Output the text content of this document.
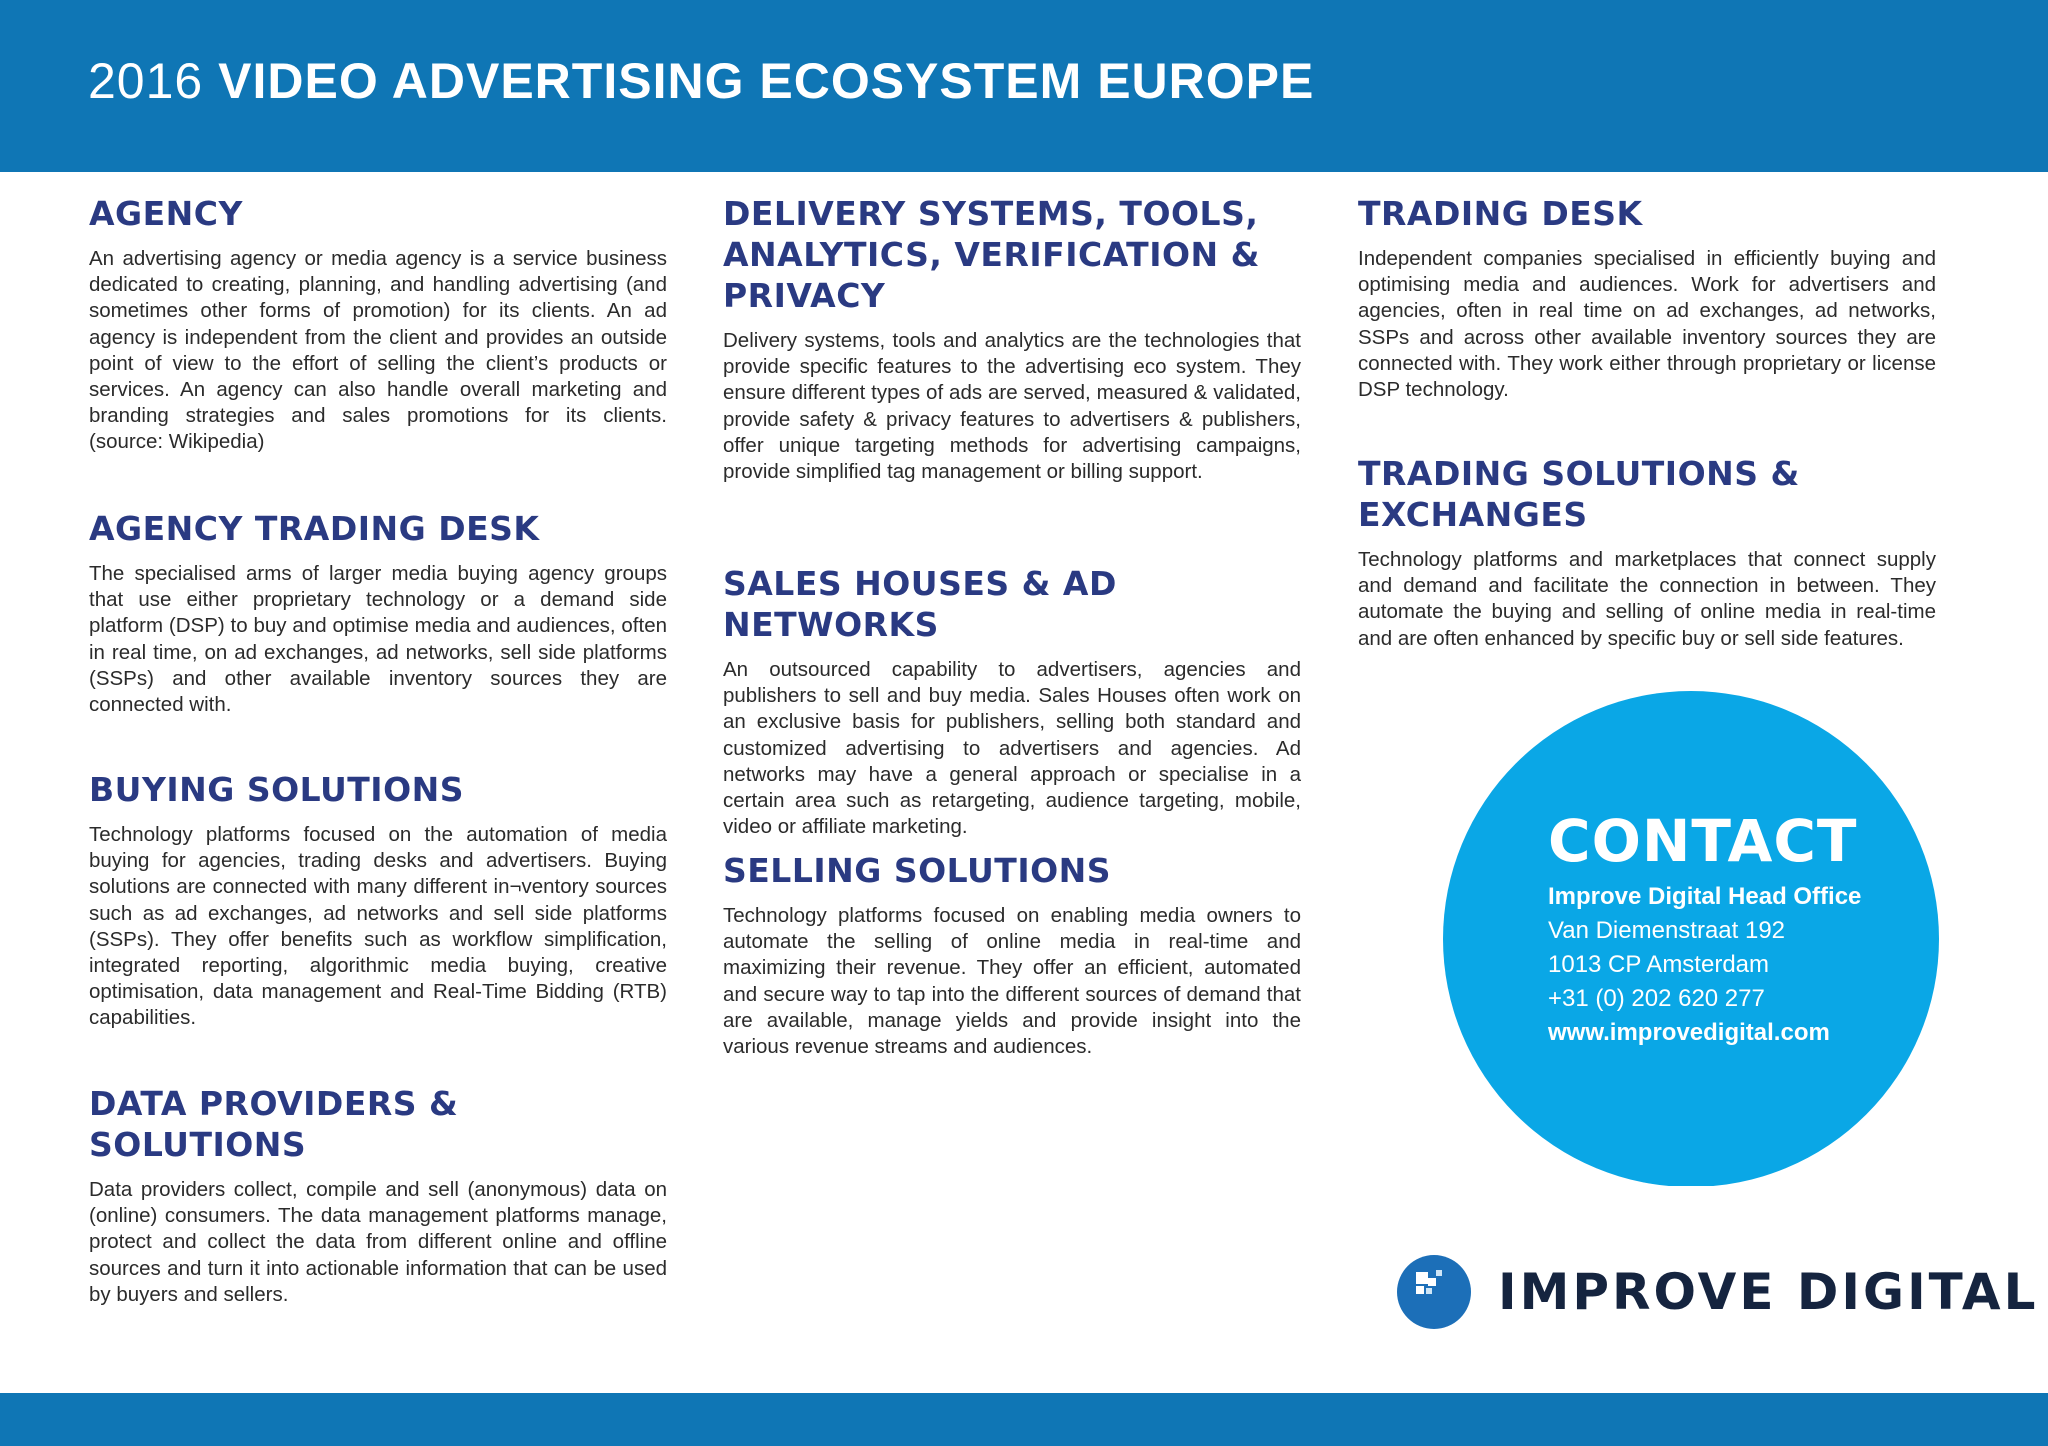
2016 VIDEO ADVERTISING ECOSYSTEM EUROPE
AGENCY

An advertising agency or media agency is a service business dedicated to creating, planning, and handling advertising (and sometimes other forms of promotion) for its clients. An ad agency is independent from the client and provides an outside point of view to the effort of selling the client’s products or services. An agency can also handle overall marketing and branding strategies and sales promotions for its clients. (source: Wikipedia)

AGENCY TRADING DESK

The specialised arms of larger media buying agency groups that use either proprietary technology or a demand side platform (DSP) to buy and optimise media and audiences, often in real time, on ad exchanges, ad networks, sell side platforms (SSPs) and other available inventory sources they are connected with.

BUYING SOLUTIONS

Technology platforms focused on the automation of media buying for agencies, trading desks and advertisers. Buying solutions are connected with many different in¬ventory sources such as ad exchanges, ad networks and sell side platforms (SSPs). They offer benefits such as workflow simplification, integrated reporting, algorithmic media buying, creative optimisation, data management and Real-Time Bidding (RTB) capabilities.

DATA PROVIDERS & SOLUTIONS

Data providers collect, compile and sell (anonymous) data on (online) consumers. The data management platforms manage, protect and collect the data from different online and offline sources and turn it into actionable information that can be used by buyers and sellers.

DELIVERY SYSTEMS, TOOLS, ANALYTICS, VERIFICATION & PRIVACY

Delivery systems, tools and analytics are the technologies that provide specific features to the advertising eco system. They ensure different types of ads are served, measured & validated, provide safety & privacy features to advertisers & publishers, offer unique targeting methods for advertising campaigns, provide simplified tag management or billing support.

SALES HOUSES & AD NETWORKS

An outsourced capability to advertisers, agencies and publishers to sell and buy media. Sales Houses often work on an exclusive basis for publishers, selling both standard and customized advertising to advertisers and agencies. Ad networks may have a general approach or specialise in a certain area such as retargeting, audience targeting, mobile, video or affiliate marketing.

SELLING SOLUTIONS

Technology platforms focused on enabling media owners to automate the selling of online media in real-time and maximizing their revenue. They offer an efficient, automated and secure way to tap into the different sources of demand that are available, manage yields and provide insight into the various revenue streams and audiences.

TRADING DESK

Independent companies specialised in efficiently buying and optimising media and audiences. Work for advertisers and agencies, often in real time on ad exchanges, ad networks, SSPs and across other available inventory sources they are connected with. They work either through proprietary or license DSP technology.

TRADING SOLUTIONS & EXCHANGES

Technology platforms and marketplaces that connect supply and demand and facilitate the connection in between. They automate the buying and selling of online media in real-time and are often enhanced by specific buy or sell side features.

CONTACT
Improve Digital Head Office
Van Diemenstraat 192
1013 CP Amsterdam
+31 (0) 202 620 277
www.improvedigital.com
IMPROVE DIGITAL
